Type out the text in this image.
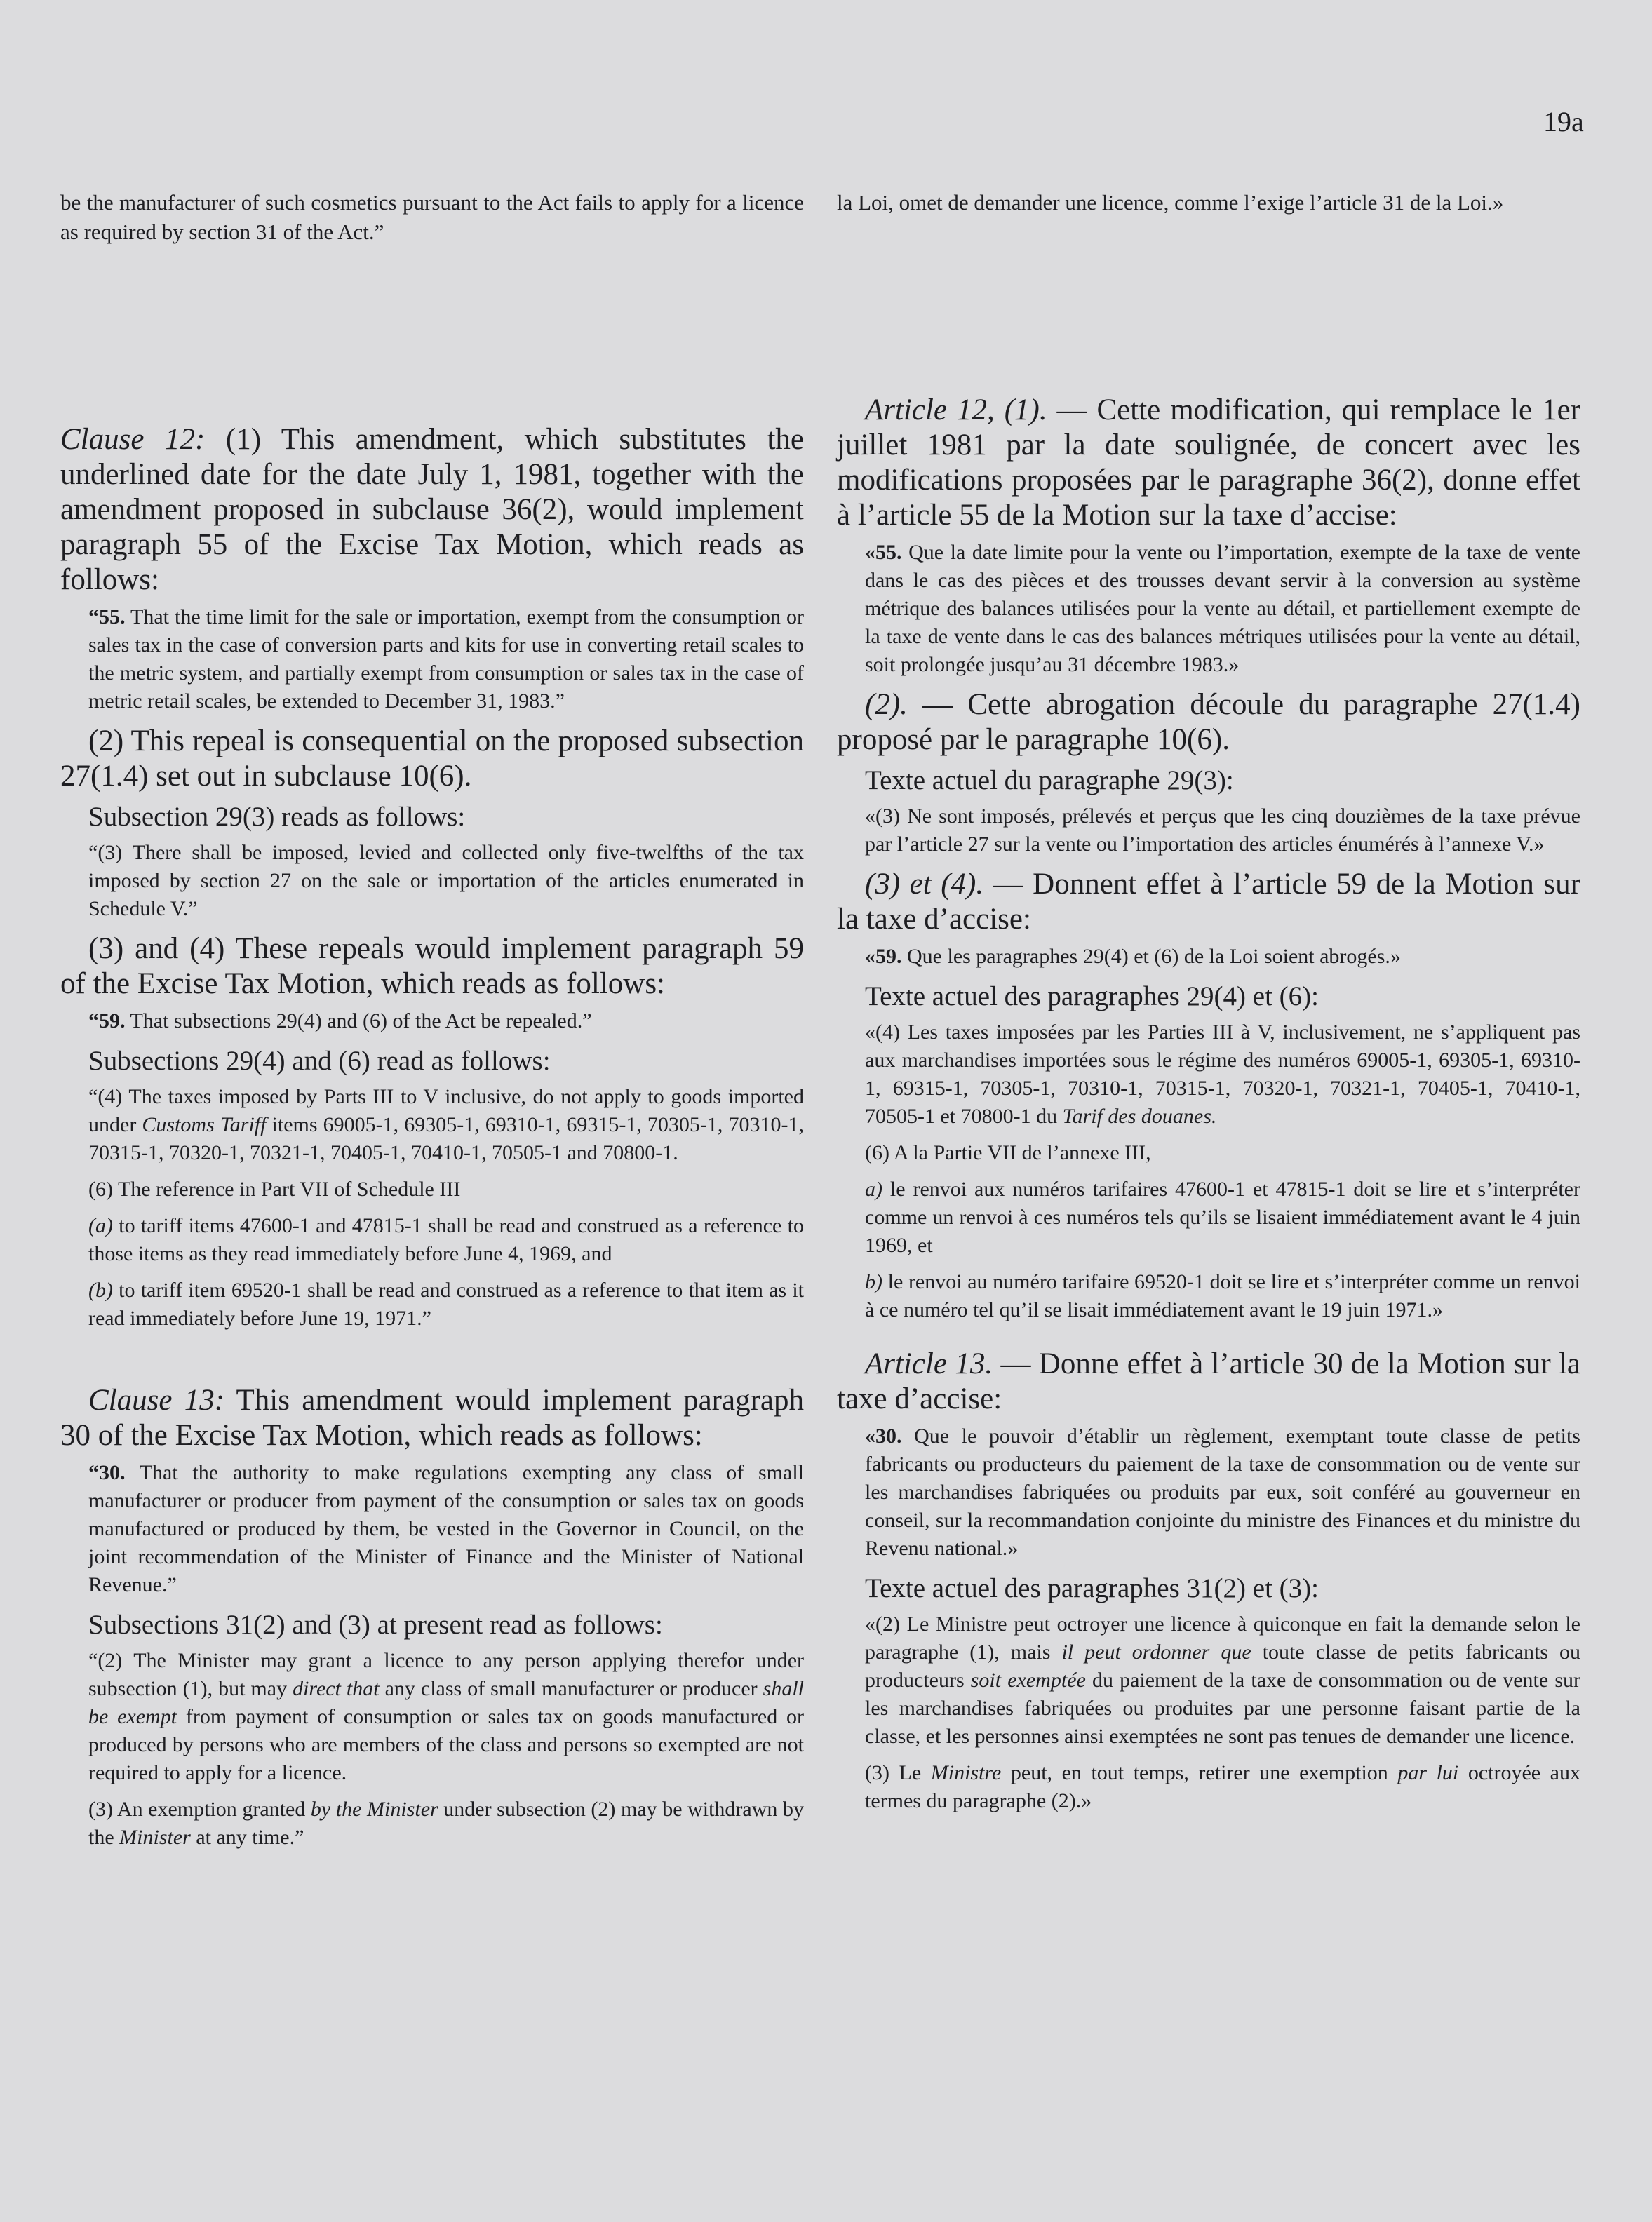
19a

be the manufacturer of such cosmetics pursuant to the Act fails to apply for a licence as required by section 31 of the Act.”

Clause 12: (1) This amendment, which substitutes the underlined date for the date July 1, 1981, together with the amendment proposed in subclause 36(2), would implement paragraph 55 of the Excise Tax Motion, which reads as follows:

“55. That the time limit for the sale or importation, exempt from the consumption or sales tax in the case of conversion parts and kits for use in converting retail scales to the metric system, and partially exempt from consumption or sales tax in the case of metric retail scales, be extended to December 31, 1983.”

(2) This repeal is consequential on the proposed subsection 27(1.4) set out in subclause 10(6).

Subsection 29(3) reads as follows:

“(3) There shall be imposed, levied and collected only five-twelfths of the tax imposed by section 27 on the sale or importation of the articles enumerated in Schedule V.”

(3) and (4) These repeals would implement paragraph 59 of the Excise Tax Motion, which reads as follows:

“59. That subsections 29(4) and (6) of the Act be repealed.”

Subsections 29(4) and (6) read as follows:

“(4) The taxes imposed by Parts III to V inclusive, do not apply to goods imported under Customs Tariff items 69005-1, 69305-1, 69310-1, 69315-1, 70305-1, 70310-1, 70315-1, 70320-1, 70321-1, 70405-1, 70410-1, 70505-1 and 70800-1.

(6) The reference in Part VII of Schedule III

(a) to tariff items 47600-1 and 47815-1 shall be read and construed as a reference to those items as they read immediately before June 4, 1969, and

(b) to tariff item 69520-1 shall be read and construed as a reference to that item as it read immediately before June 19, 1971.”

Clause 13: This amendment would implement paragraph 30 of the Excise Tax Motion, which reads as follows:

“30. That the authority to make regulations exempting any class of small manufacturer or producer from payment of the consumption or sales tax on goods manufactured or produced by them, be vested in the Governor in Council, on the joint recommendation of the Minister of Finance and the Minister of National Revenue.”

Subsections 31(2) and (3) at present read as follows:

“(2) The Minister may grant a licence to any person applying therefor under subsection (1), but may direct that any class of small manufacturer or producer shall be exempt from payment of consumption or sales tax on goods manufactured or produced by persons who are members of the class and persons so exempted are not required to apply for a licence.

(3) An exemption granted by the Minister under subsection (2) may be withdrawn by the Minister at any time.”

la Loi, omet de demander une licence, comme l’exige l’article 31 de la Loi.»

Article 12, (1). — Cette modification, qui remplace le 1er juillet 1981 par la date soulignée, de concert avec les modifications proposées par le paragraphe 36(2), donne effet à l’article 55 de la Motion sur la taxe d’accise:

«55. Que la date limite pour la vente ou l’importation, exempte de la taxe de vente dans le cas des pièces et des trousses devant servir à la conversion au système métrique des balances utilisées pour la vente au détail, et partiellement exempte de la taxe de vente dans le cas des balances métriques utilisées pour la vente au détail, soit prolongée jusqu’au 31 décembre 1983.»

(2). — Cette abrogation découle du paragraphe 27(1.4) proposé par le paragraphe 10(6).

Texte actuel du paragraphe 29(3):

«(3) Ne sont imposés, prélevés et perçus que les cinq douzièmes de la taxe prévue par l’article 27 sur la vente ou l’importation des articles énumérés à l’annexe V.»

(3) et (4). — Donnent effet à l’article 59 de la Motion sur la taxe d’accise:

«59. Que les paragraphes 29(4) et (6) de la Loi soient abrogés.»

Texte actuel des paragraphes 29(4) et (6):

«(4) Les taxes imposées par les Parties III à V, inclusivement, ne s’appliquent pas aux marchandises importées sous le régime des numéros 69005-1, 69305-1, 69310-1, 69315-1, 70305-1, 70310-1, 70315-1, 70320-1, 70321-1, 70405-1, 70410-1, 70505-1 et 70800-1 du Tarif des douanes.

(6) A la Partie VII de l’annexe III,

a) le renvoi aux numéros tarifaires 47600-1 et 47815-1 doit se lire et s’interpréter comme un renvoi à ces numéros tels qu’ils se lisaient immédiatement avant le 4 juin 1969, et

b) le renvoi au numéro tarifaire 69520-1 doit se lire et s’interpréter comme un renvoi à ce numéro tel qu’il se lisait immédiatement avant le 19 juin 1971.»

Article 13. — Donne effet à l’article 30 de la Motion sur la taxe d’accise:

«30. Que le pouvoir d’établir un règlement, exemptant toute classe de petits fabricants ou producteurs du paiement de la taxe de consommation ou de vente sur les marchandises fabriquées ou produits par eux, soit conféré au gouverneur en conseil, sur la recommandation conjointe du ministre des Finances et du ministre du Revenu national.»

Texte actuel des paragraphes 31(2) et (3):

«(2) Le Ministre peut octroyer une licence à quiconque en fait la demande selon le paragraphe (1), mais il peut ordonner que toute classe de petits fabricants ou producteurs soit exemptée du paiement de la taxe de consommation ou de vente sur les marchandises fabriquées ou produites par une personne faisant partie de la classe, et les personnes ainsi exemptées ne sont pas tenues de demander une licence.

(3) Le Ministre peut, en tout temps, retirer une exemption par lui octroyée aux termes du paragraphe (2).»
